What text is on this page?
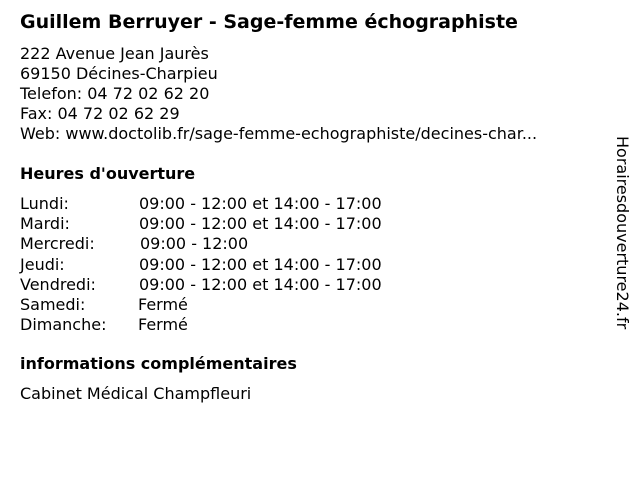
Guillem Berruyer - Sage-femme échographiste
222 Avenue Jean Jaurès
69150 Décines-Charpieu
Telefon: 04 72 02 62 20
Fax: 04 72 02 62 29
Web: www.doctolib.fr/sage-femme-echographiste/decines-char...
Heures d'ouverture
Lundi:	09:00 - 12:00 et 14:00 - 17:00
Mardi:	09:00 - 12:00 et 14:00 - 17:00
Mercredi:	09:00 - 12:00
Jeudi:	09:00 - 12:00 et 14:00 - 17:00
Vendredi:	09:00 - 12:00 et 14:00 - 17:00
Samedi:	Fermé
Dimanche: Fermé
informations complémentaires
Cabinet Médical Champfleuri
Horairesdouverture24.fr
